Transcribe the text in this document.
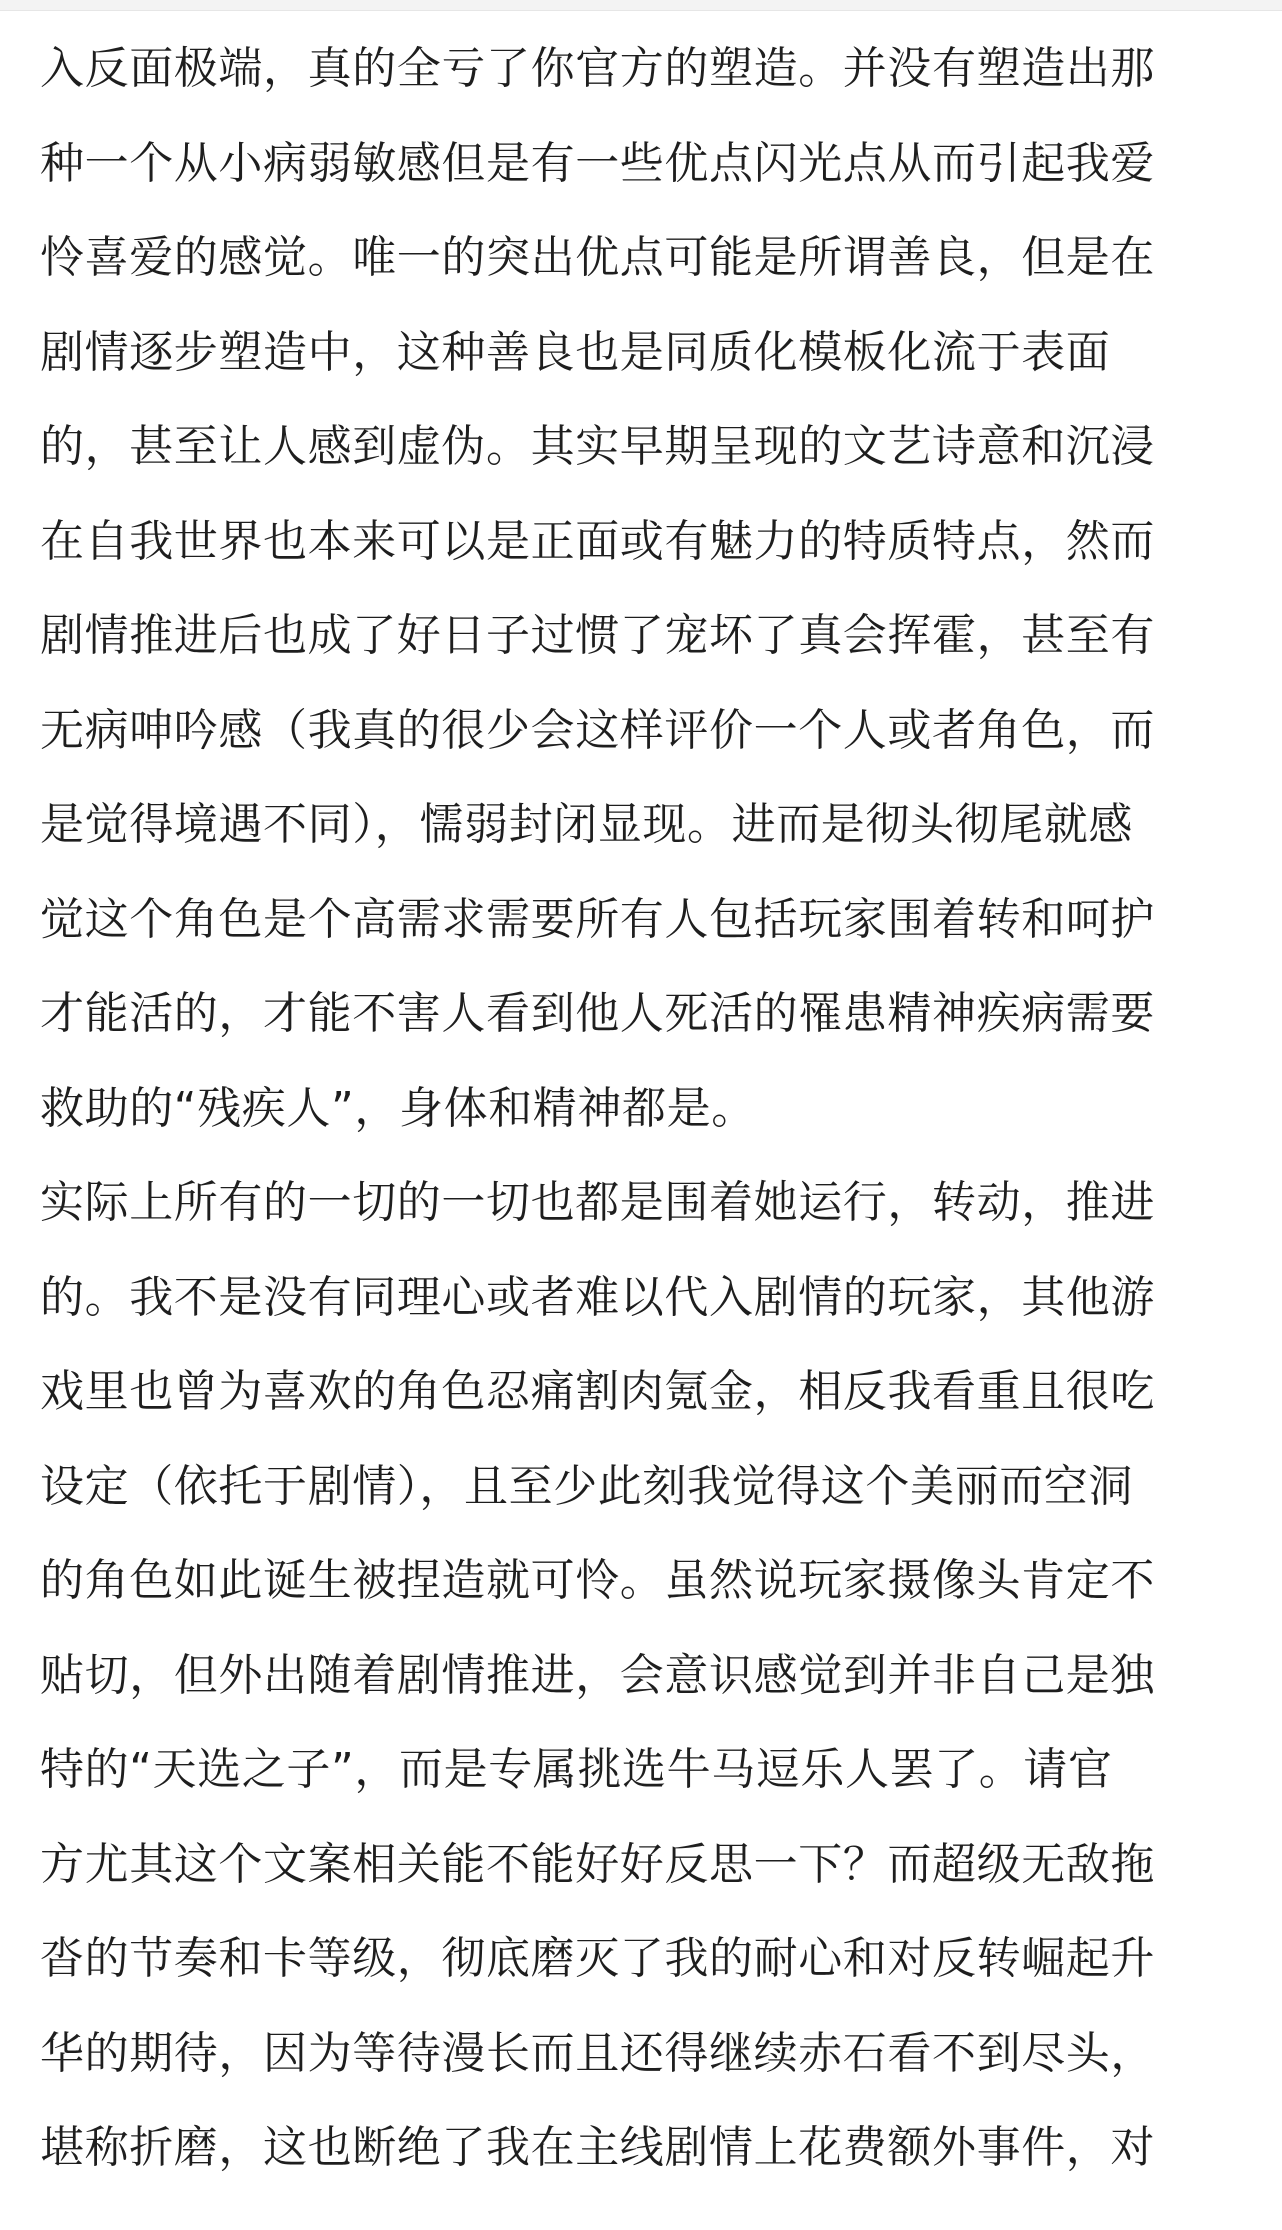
入反面极端，真的全亏了你官方的塑造。并没有塑造出那
种一个从小病弱敏感但是有一些优点闪光点从而引起我爱
怜喜爱的感觉。唯一的突出优点可能是所谓善良，但是在
剧情逐步塑造中，这种善良也是同质化模板化流于表面
的，甚至让人感到虚伪。其实早期呈现的文艺诗意和沉浸
在自我世界也本来可以是正面或有魅力的特质特点，然而
剧情推进后也成了好日子过惯了宠坏了真会挥霍，甚至有
无病呻吟感（我真的很少会这样评价一个人或者角色，而
是觉得境遇不同），懦弱封闭显现。进而是彻头彻尾就感
觉这个角色是个高需求需要所有人包括玩家围着转和呵护
才能活的，才能不害人看到他人死活的罹患精神疾病需要
救助的“残疾人”，身体和精神都是。
实际上所有的一切的一切也都是围着她运行，转动，推进
的。我不是没有同理心或者难以代入剧情的玩家，其他游
戏里也曾为喜欢的角色忍痛割肉氪金，相反我看重且很吃
设定（依托于剧情），且至少此刻我觉得这个美丽而空洞
的角色如此诞生被捏造就可怜。虽然说玩家摄像头肯定不
贴切，但外出随着剧情推进，会意识感觉到并非自己是独
特的“天选之子”，而是专属挑选牛马逗乐人罢了。请官
方尤其这个文案相关能不能好好反思一下？而超级无敌拖
沓的节奏和卡等级，彻底磨灭了我的耐心和对反转崛起升
华的期待，因为等待漫长而且还得继续赤石看不到尽头，
堪称折磨，这也断绝了我在主线剧情上花费额外事件，对
